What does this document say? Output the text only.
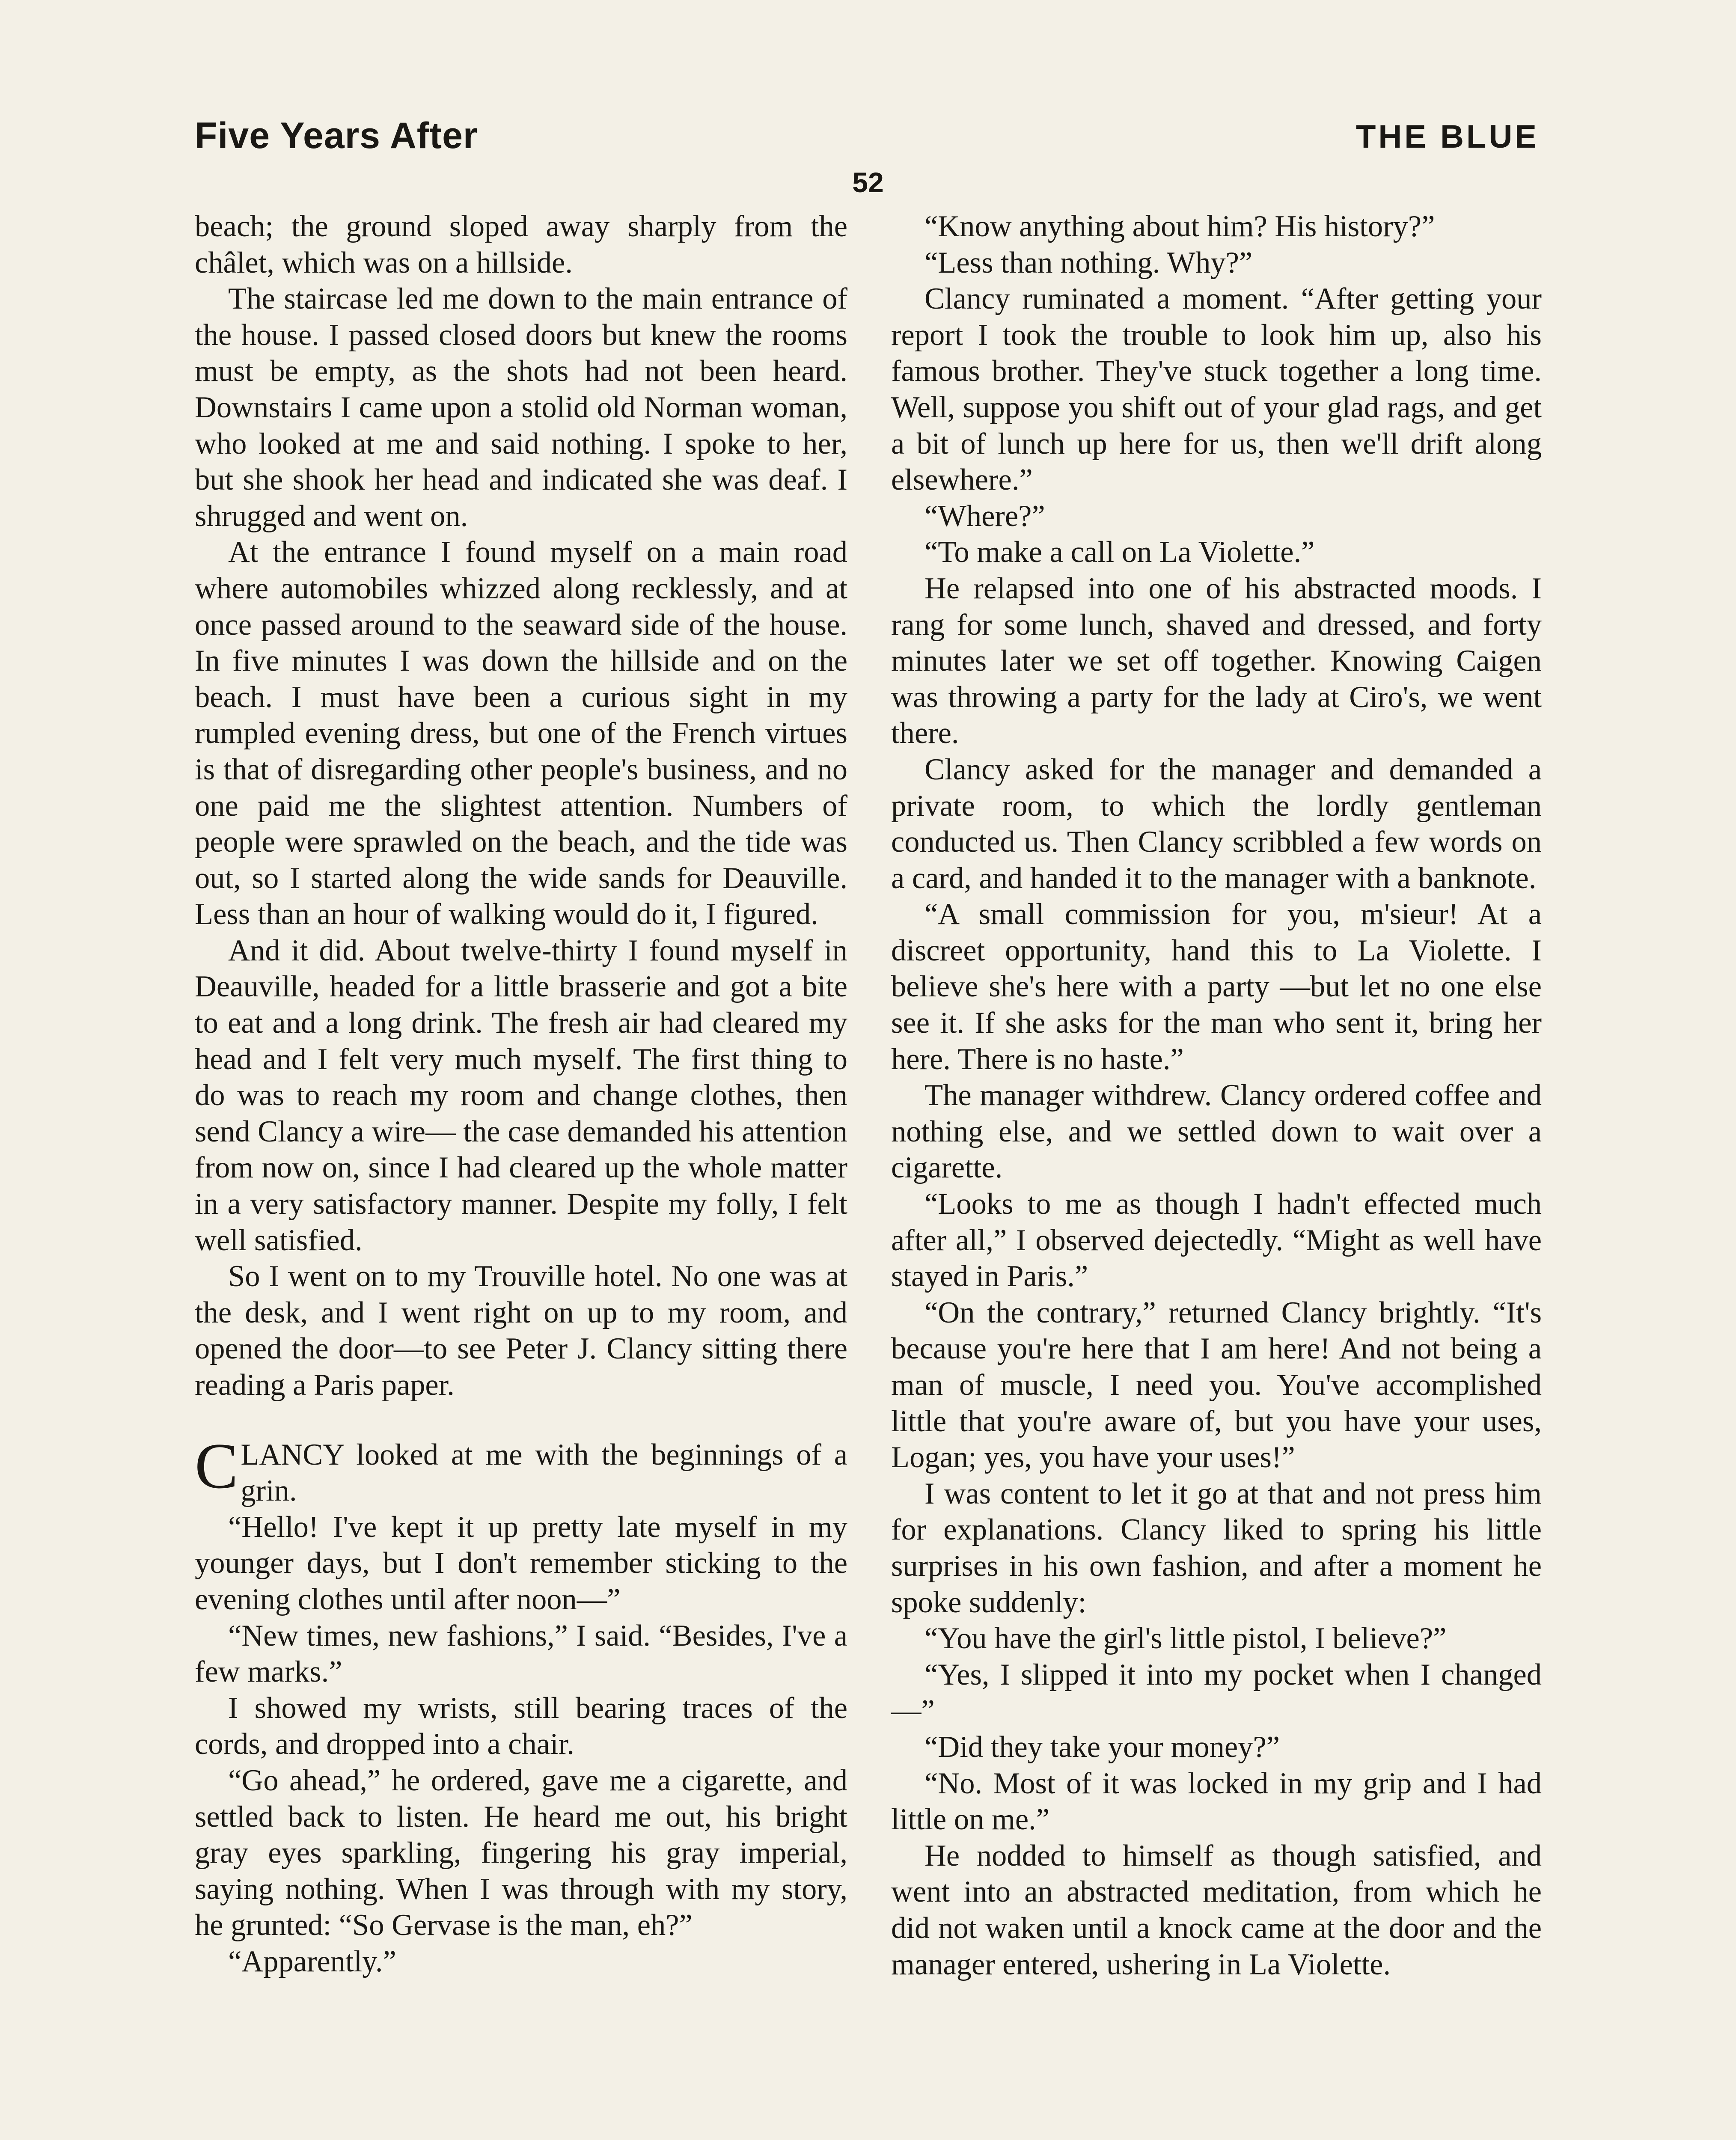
Five Years After	THE BLUE
52

beach; the ground sloped away sharply from the châlet, which was on a hillside.

The staircase led me down to the main entrance of the house. I passed closed doors but knew the rooms must be empty, as the shots had not been heard. Downstairs I came upon a stolid old Norman woman, who looked at me and said nothing. I spoke to her, but she shook her head and indicated she was deaf. I shrugged and went on.

At the entrance I found myself on a main road where automobiles whizzed along recklessly, and at once passed around to the seaward side of the house. In five minutes I was down the hillside and on the beach. I must have been a curious sight in my rumpled evening dress, but one of the French virtues is that of disregarding other people's business, and no one paid me the slightest attention. Numbers of people were sprawled on the beach, and the tide was out, so I started along the wide sands for Deauville. Less than an hour of walking would do it, I figured.

And it did. About twelve-thirty I found myself in Deauville, headed for a little brasserie and got a bite to eat and a long drink. The fresh air had cleared my head and I felt very much myself. The first thing to do was to reach my room and change clothes, then send Clancy a wire— the case demanded his attention from now on, since I had cleared up the whole matter in a very satisfactory manner. Despite my folly, I felt well satisfied.

So I went on to my Trouville hotel. No one was at the desk, and I went right on up to my room, and opened the door—to see Peter J. Clancy sitting there reading a Paris paper.

CLANCY looked at me with the beginnings of a grin.

“Hello! I've kept it up pretty late myself in my younger days, but I don't remember sticking to the evening clothes until after noon—”

“New times, new fashions,” I said. “Besides, I've a few marks.”

I showed my wrists, still bearing traces of the cords, and dropped into a chair.

“Go ahead,” he ordered, gave me a cigarette, and settled back to listen. He heard me out, his bright gray eyes sparkling, fingering his gray imperial, saying nothing. When I was through with my story, he grunted: “So Gervase is the man, eh?”

“Apparently.”

“Know anything about him? His history?”

“Less than nothing. Why?”

Clancy ruminated a moment. “After getting your report I took the trouble to look him up, also his famous brother. They've stuck together a long time. Well, suppose you shift out of your glad rags, and get a bit of lunch up here for us, then we'll drift along elsewhere.”

“Where?”

“To make a call on La Violette.”

He relapsed into one of his abstracted moods. I rang for some lunch, shaved and dressed, and forty minutes later we set off together. Knowing Caigen was throwing a party for the lady at Ciro's, we went there.

Clancy asked for the manager and demanded a private room, to which the lordly gentleman conducted us. Then Clancy scribbled a few words on a card, and handed it to the manager with a banknote.

“A small commission for you, m'sieur! At a discreet opportunity, hand this to La Violette. I believe she's here with a party —but let no one else see it. If she asks for the man who sent it, bring her here. There is no haste.”

The manager withdrew. Clancy ordered coffee and nothing else, and we settled down to wait over a cigarette.

“Looks to me as though I hadn't effected much after all,” I observed dejectedly. “Might as well have stayed in Paris.”

“On the contrary,” returned Clancy brightly. “It's because you're here that I am here! And not being a man of muscle, I need you. You've accomplished little that you're aware of, but you have your uses, Logan; yes, you have your uses!”

I was content to let it go at that and not press him for explanations. Clancy liked to spring his little surprises in his own fashion, and after a moment he spoke suddenly:

“You have the girl's little pistol, I believe?”

“Yes, I slipped it into my pocket when I changed—”

“Did they take your money?”

“No. Most of it was locked in my grip and I had little on me.”

He nodded to himself as though satisfied, and went into an abstracted meditation, from which he did not waken until a knock came at the door and the manager entered, ushering in La Violette.
